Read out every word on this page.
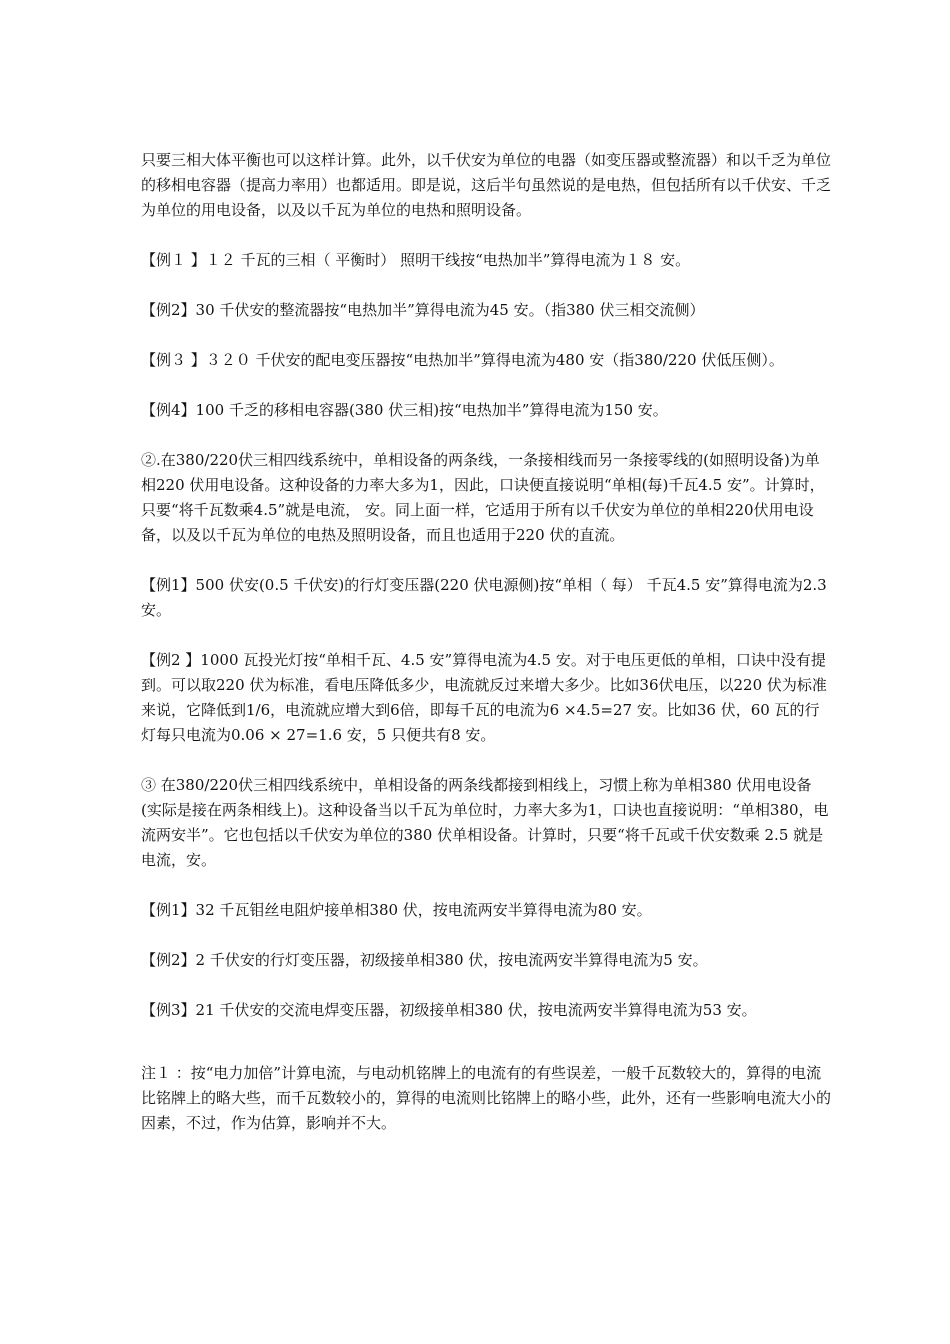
只要三相大体平衡也可以这样计算。此外，以千伏安为单位的电器（如变压器或整流器）和以千乏为单位的移相电容器（提高力率用）也都适用。即是说，这后半句虽然说的是电热，但包括所有以千伏安、千乏为单位的用电设备，以及以千瓦为单位的电热和照明设备。

【例１ 】１２ 千瓦的三相（ 平衡时） 照明干线按“电热加半”算得电流为１８ 安。

【例2】30 千伏安的整流器按“电热加半”算得电流为45 安。（指380 伏三相交流侧）

【例３ 】３２０ 千伏安的配电变压器按“电热加半”算得电流为480 安（指380/220 伏低压侧）。

【例4】100 千乏的移相电容器(380 伏三相)按“电热加半”算得电流为150 安。

②.在380/220伏三相四线系统中，单相设备的两条线，一条接相线而另一条接零线的(如照明设备)为单相220 伏用电设备。这种设备的力率大多为1，因此，口诀便直接说明“单相(每)千瓦4.5 安”。计算时， 只要“将千瓦数乘4.5”就是电流， 安。同上面一样，它适用于所有以千伏安为单位的单相220伏用电设备，以及以千瓦为单位的电热及照明设备，而且也适用于220 伏的直流。

【例1】500 伏安(0.5 千伏安)的行灯变压器(220 伏电源侧)按“单相（ 每） 千瓦4.5 安”算得电流为2.3 安。

【例2 】1000 瓦投光灯按“单相千瓦、4.5 安”算得电流为4.5 安。对于电压更低的单相，口诀中没有提到。可以取220 伏为标准，看电压降低多少，电流就反过来增大多少。比如36伏电压，以220 伏为标准来说，它降低到1/6，电流就应增大到6倍，即每千瓦的电流为6 ×4.5=27 安。比如36 伏，60 瓦的行灯每只电流为0.06 × 27=1.6 安，5 只便共有8 安。

③ 在380/220伏三相四线系统中，单相设备的两条线都接到相线上，习惯上称为单相380 伏用电设备(实际是接在两条相线上)。这种设备当以千瓦为单位时，力率大多为1，口诀也直接说明：“单相380，电流两安半”。它也包括以千伏安为单位的380 伏单相设备。计算时，只要“将千瓦或千伏安数乘 2.5 就是电流，安。

【例1】32 千瓦钼丝电阻炉接单相380 伏，按电流两安半算得电流为80 安。

【例2】2 千伏安的行灯变压器，初级接单相380 伏，按电流两安半算得电流为5 安。

【例3】21 千伏安的交流电焊变压器，初级接单相380 伏，按电流两安半算得电流为53 安。

注１ ：按“电力加倍”计算电流，与电动机铭牌上的电流有的有些误差，一般千瓦数较大的，算得的电流比铭牌上的略大些，而千瓦数较小的，算得的电流则比铭牌上的略小些，此外，还有一些影响电流大小的因素，不过，作为估算，影响并不大。
